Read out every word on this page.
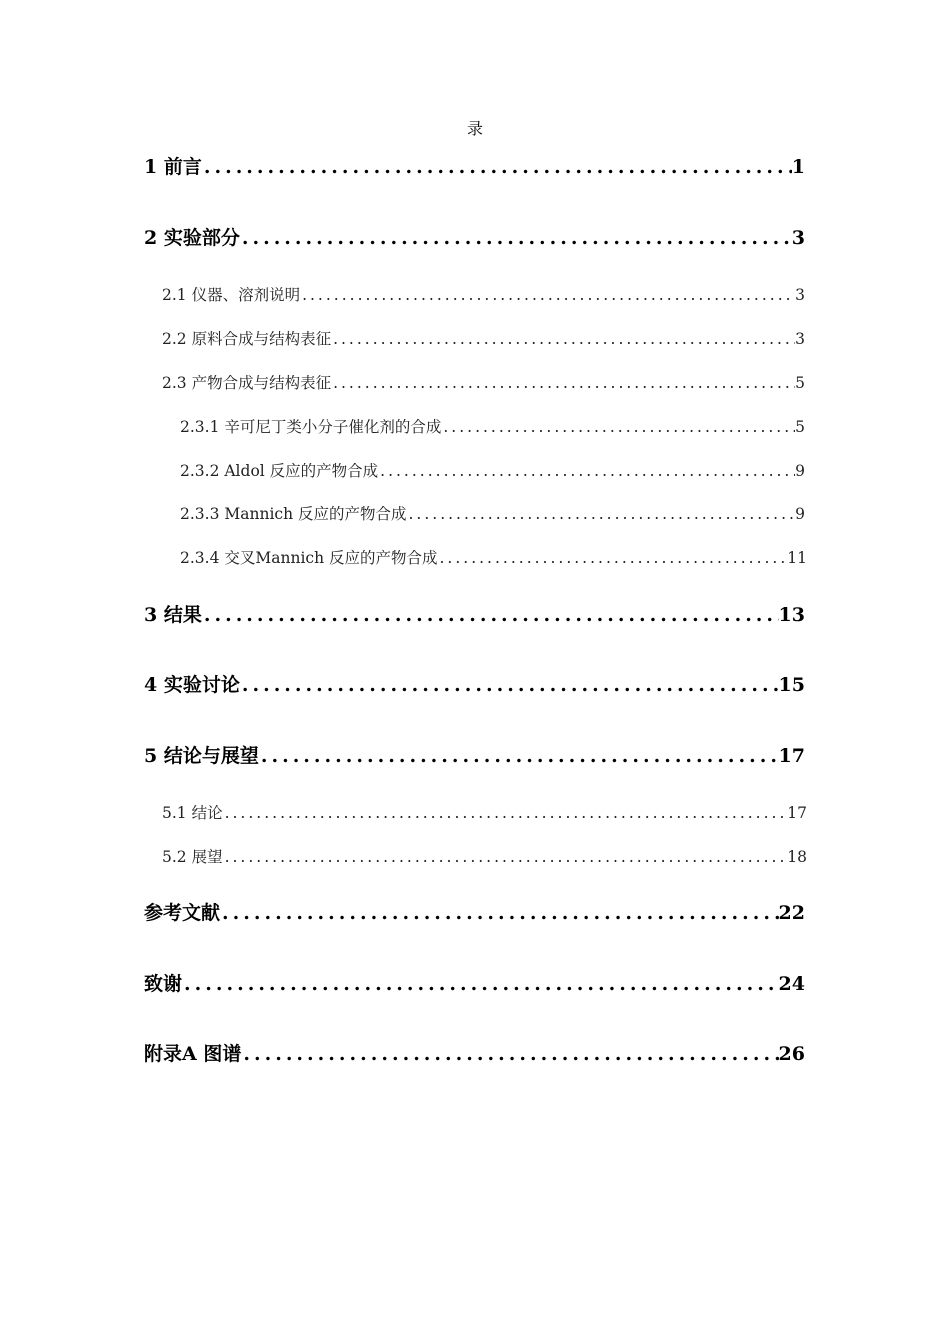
录
1 前言 .....	1
2 实验部分 .....	3
2.1 仪器、溶剂说明 .....	3
2.2 原料合成与结构表征 .....	3
2.3 产物合成与结构表征 .....	5
2.3.1 辛可尼丁类小分子催化剂的合成 .....	5
2.3.2 Aldol 反应的产物合成 .....	9
2.3.3 Mannich 反应的产物合成 .....	9
2.3.4 交叉Mannich 反应的产物合成 .....	11
3 结果 .....	13
4 实验讨论 .....	15
5 结论与展望 .....	17
5.1 结论 .....	17
5.2 展望 .....	18
参考文献 .....	22
致谢 .....	24
附录A 图谱 .....	26
